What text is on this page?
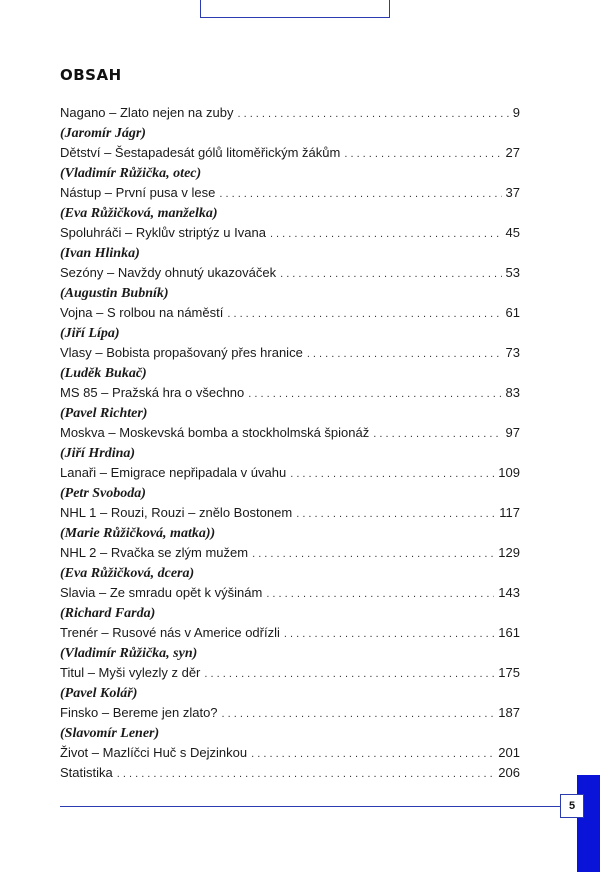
OBSAH
Nagano – Zlato nejen na zuby . . .	9
(Jaromír Jágr)
Dětství – Šestapadesát gólů litoměřickým žákům . . .	27
(Vladimír Růžička, otec)
Nástup – První pusa v lese . . .	37
(Eva Růžičková, manželka)
Spoluhráči – Ryklův striptýz u Ivana . . .	45
(Ivan Hlinka)
Sezóny – Navždy ohnutý ukazováček . . .	53
(Augustin Bubník)
Vojna – S rolbou na náměstí . . .	61
(Jiří Lípa)
Vlasy – Bobista propašovaný přes hranice . . .	73
(Luděk Bukač)
MS 85 – Pražská hra o všechno . . .	83
(Pavel Richter)
Moskva – Moskevská bomba a stockholmská špionáž . . .	97
(Jiří Hrdina)
Lanaři – Emigrace nepřipadala v úvahu . . .	109
(Petr Svoboda)
NHL 1 – Rouzi, Rouzi – znělo Bostonem . . .	117
(Marie Růžičková, matka))
NHL 2 – Rvačka se zlým mužem . . .	129
(Eva Růžičková, dcera)
Slavia – Ze smradu opět k výšinám . . .	143
(Richard Farda)
Trenér – Rusové nás v Americe odřízli . . .	161
(Vladimír Růžička, syn)
Titul – Myši vylezly z děr . . .	175
(Pavel Kolář)
Finsko – Bereme jen zlato? . . .	187
(Slavomír Lener)
Život – Mazlíčci Huč s Dejzinkou . . .	201
Statistika . . .	206
5
